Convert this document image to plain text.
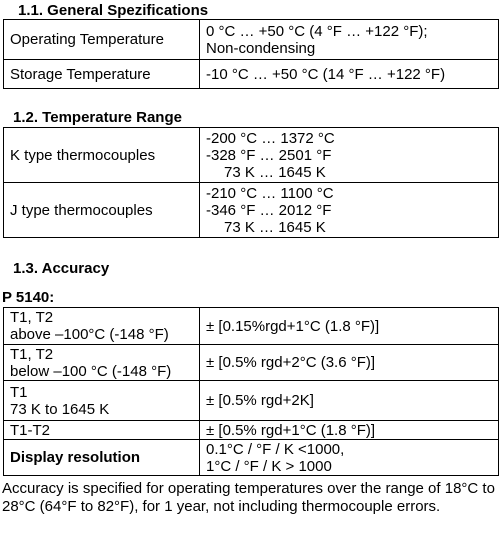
1.1. General Spezifications
Operating Temperature	0 °C … +50 °C (4 °F … +122 °F);
Non-condensing

Storage Temperature	-10 °C … +50 °C (14 °F … +122 °F)
1.2. Temperature Range
K type thermocouples	-200 °C … 1372 °C
-328 °F … 2501 °F
73 K … 1645 K

J type thermocouples	-210 °C … 1100 °C
-346 °F … 2012 °F
73 K … 1645 K
1.3. Accuracy
P 5140:
T1, T2
above –100°C (-148 °F)	± [0.15%rgd+1°C (1.8 °F)]

T1, T2
below –100 °C (-148 °F)	± [0.5% rgd+2°C (3.6 °F)]

T1
73 K to 1645 K	± [0.5% rgd+2K]

T1-T2	± [0.5% rgd+1°C (1.8 °F)]

Display resolution	0.1°C / °F / K <1000,
1°C / °F / K > 1000
Accuracy is specified for operating temperatures over the range of 18°C to 28°C (64°F to 82°F), for 1 year, not including thermocouple errors.
